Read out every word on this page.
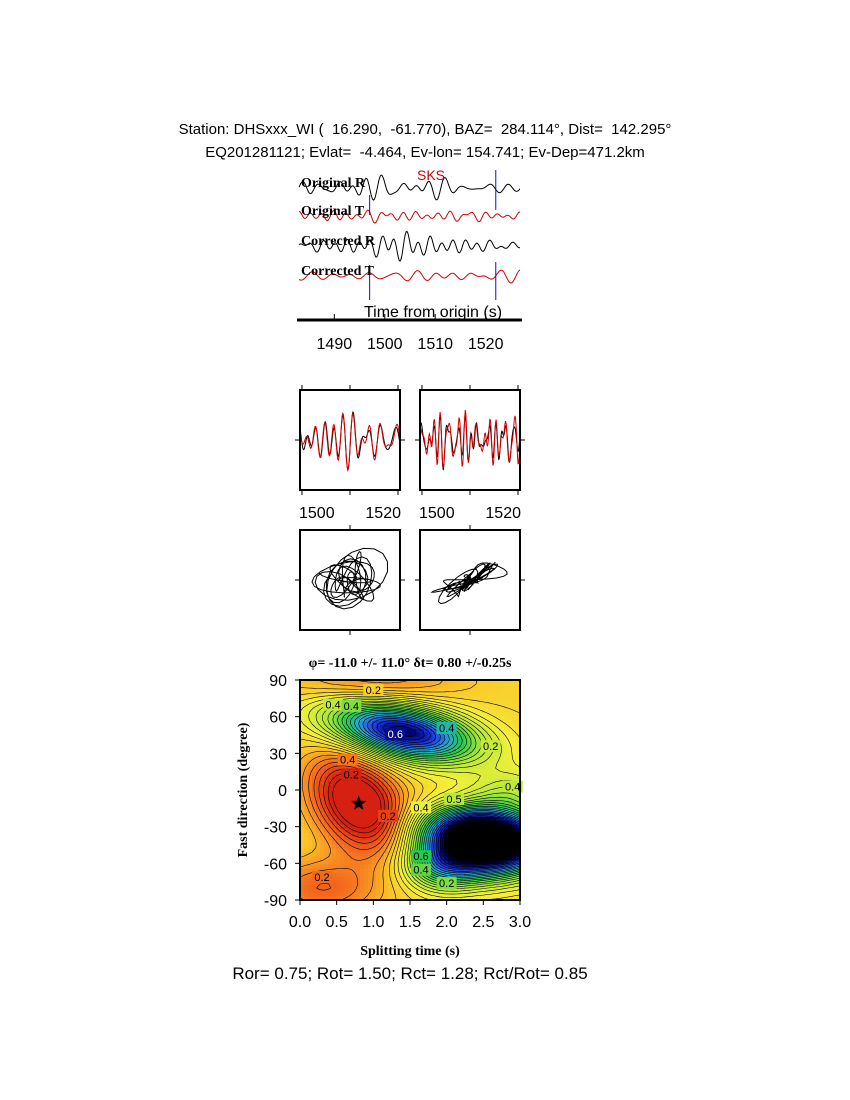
Station: DHSxxx_WI (  16.290,  -61.770), BAZ=  284.114°, Dist=  142.295°
EQ201281121; Evlat=  -4.464, Ev-lon= 154.741; Ev-Dep=471.2km
Original R
Original T
Corrected R
Corrected T
SKS
Time from origin (s)
1490 1500 1510 1520
1500 1520 1500 1520
φ= -11.0 +/- 11.0° δt= 0.80 +/-0.25s
0.2
0.4 0.4
0.6
0.4
0.2
0.4
0.2
0.2
0.4
0.5
0.4
0.6
0.4
0.2
0.2
0.0 0.5 1.0 1.5 2.0 2.5 3.0
90
60
30
0
-30
-60
-90
Splitting time (s)
Fast direction (degree)
Ror= 0.75; Rot= 1.50; Rct= 1.28; Rct/Rot= 0.85
